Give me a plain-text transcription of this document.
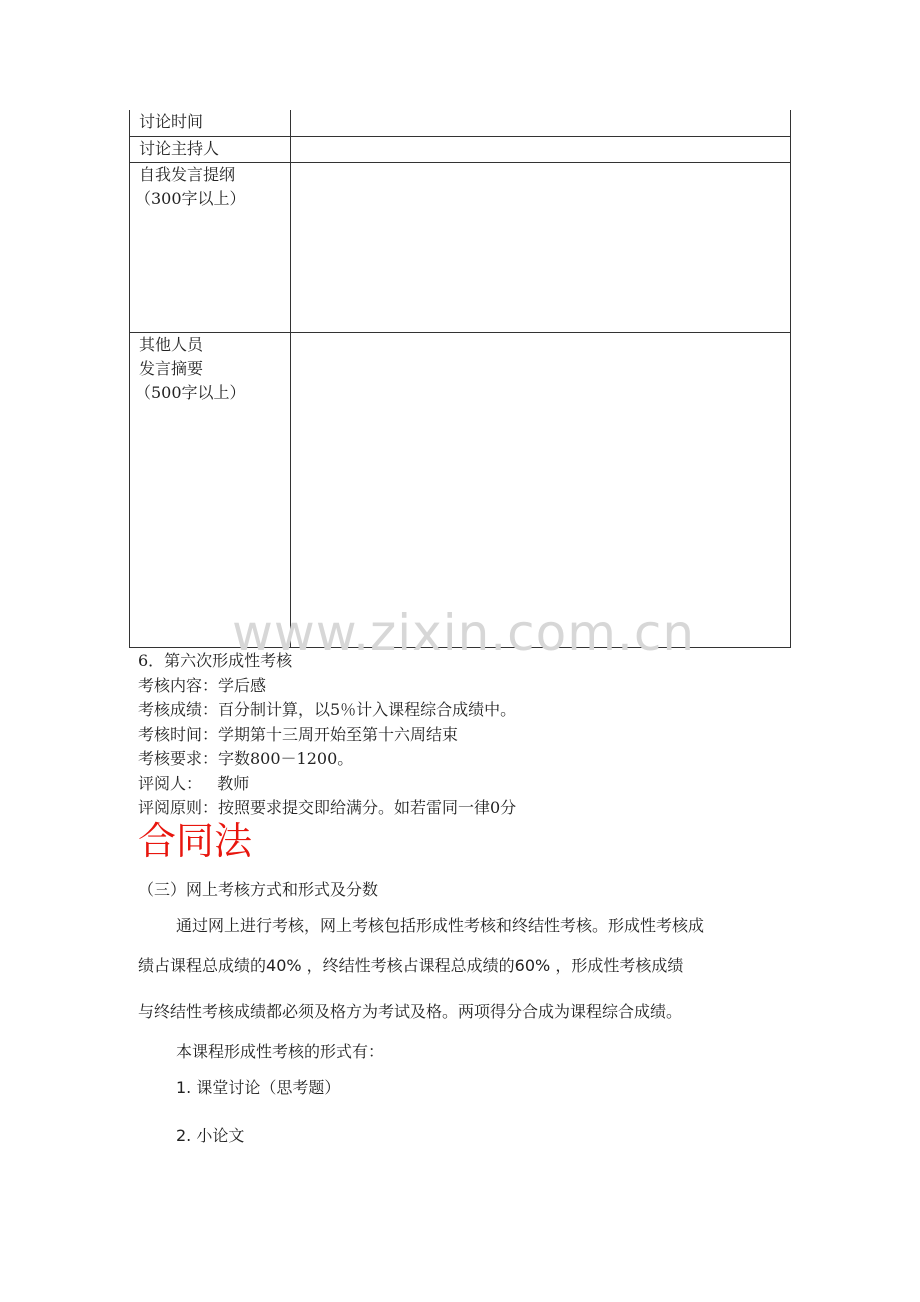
讨论时间	

讨论主持人	

自我发言提纲
（300字以上）	

其他人员
发言摘要
（500字以上）	

www.zixin.com.cn
6．第六次形成性考核
考核内容：学后感
考核成绩：百分制计算，以5％计入课程综合成绩中。
考核时间：学期第十三周开始至第十六周结束
考核要求：字数800－1200。
评阅人：   教师
评阅原则：按照要求提交即给满分。如若雷同一律0分
合同法
（三）网上考核方式和形式及分数
通过网上进行考核，网上考核包括形成性考核和终结性考核。形成性考核成
绩占课程总成绩的40% ，终结性考核占课程总成绩的60% ，形成性考核成绩
与终结性考核成绩都必须及格方为考试及格。两项得分合成为课程综合成绩。
本课程形成性考核的形式有：
1. 课堂讨论（思考题）
2. 小论文
